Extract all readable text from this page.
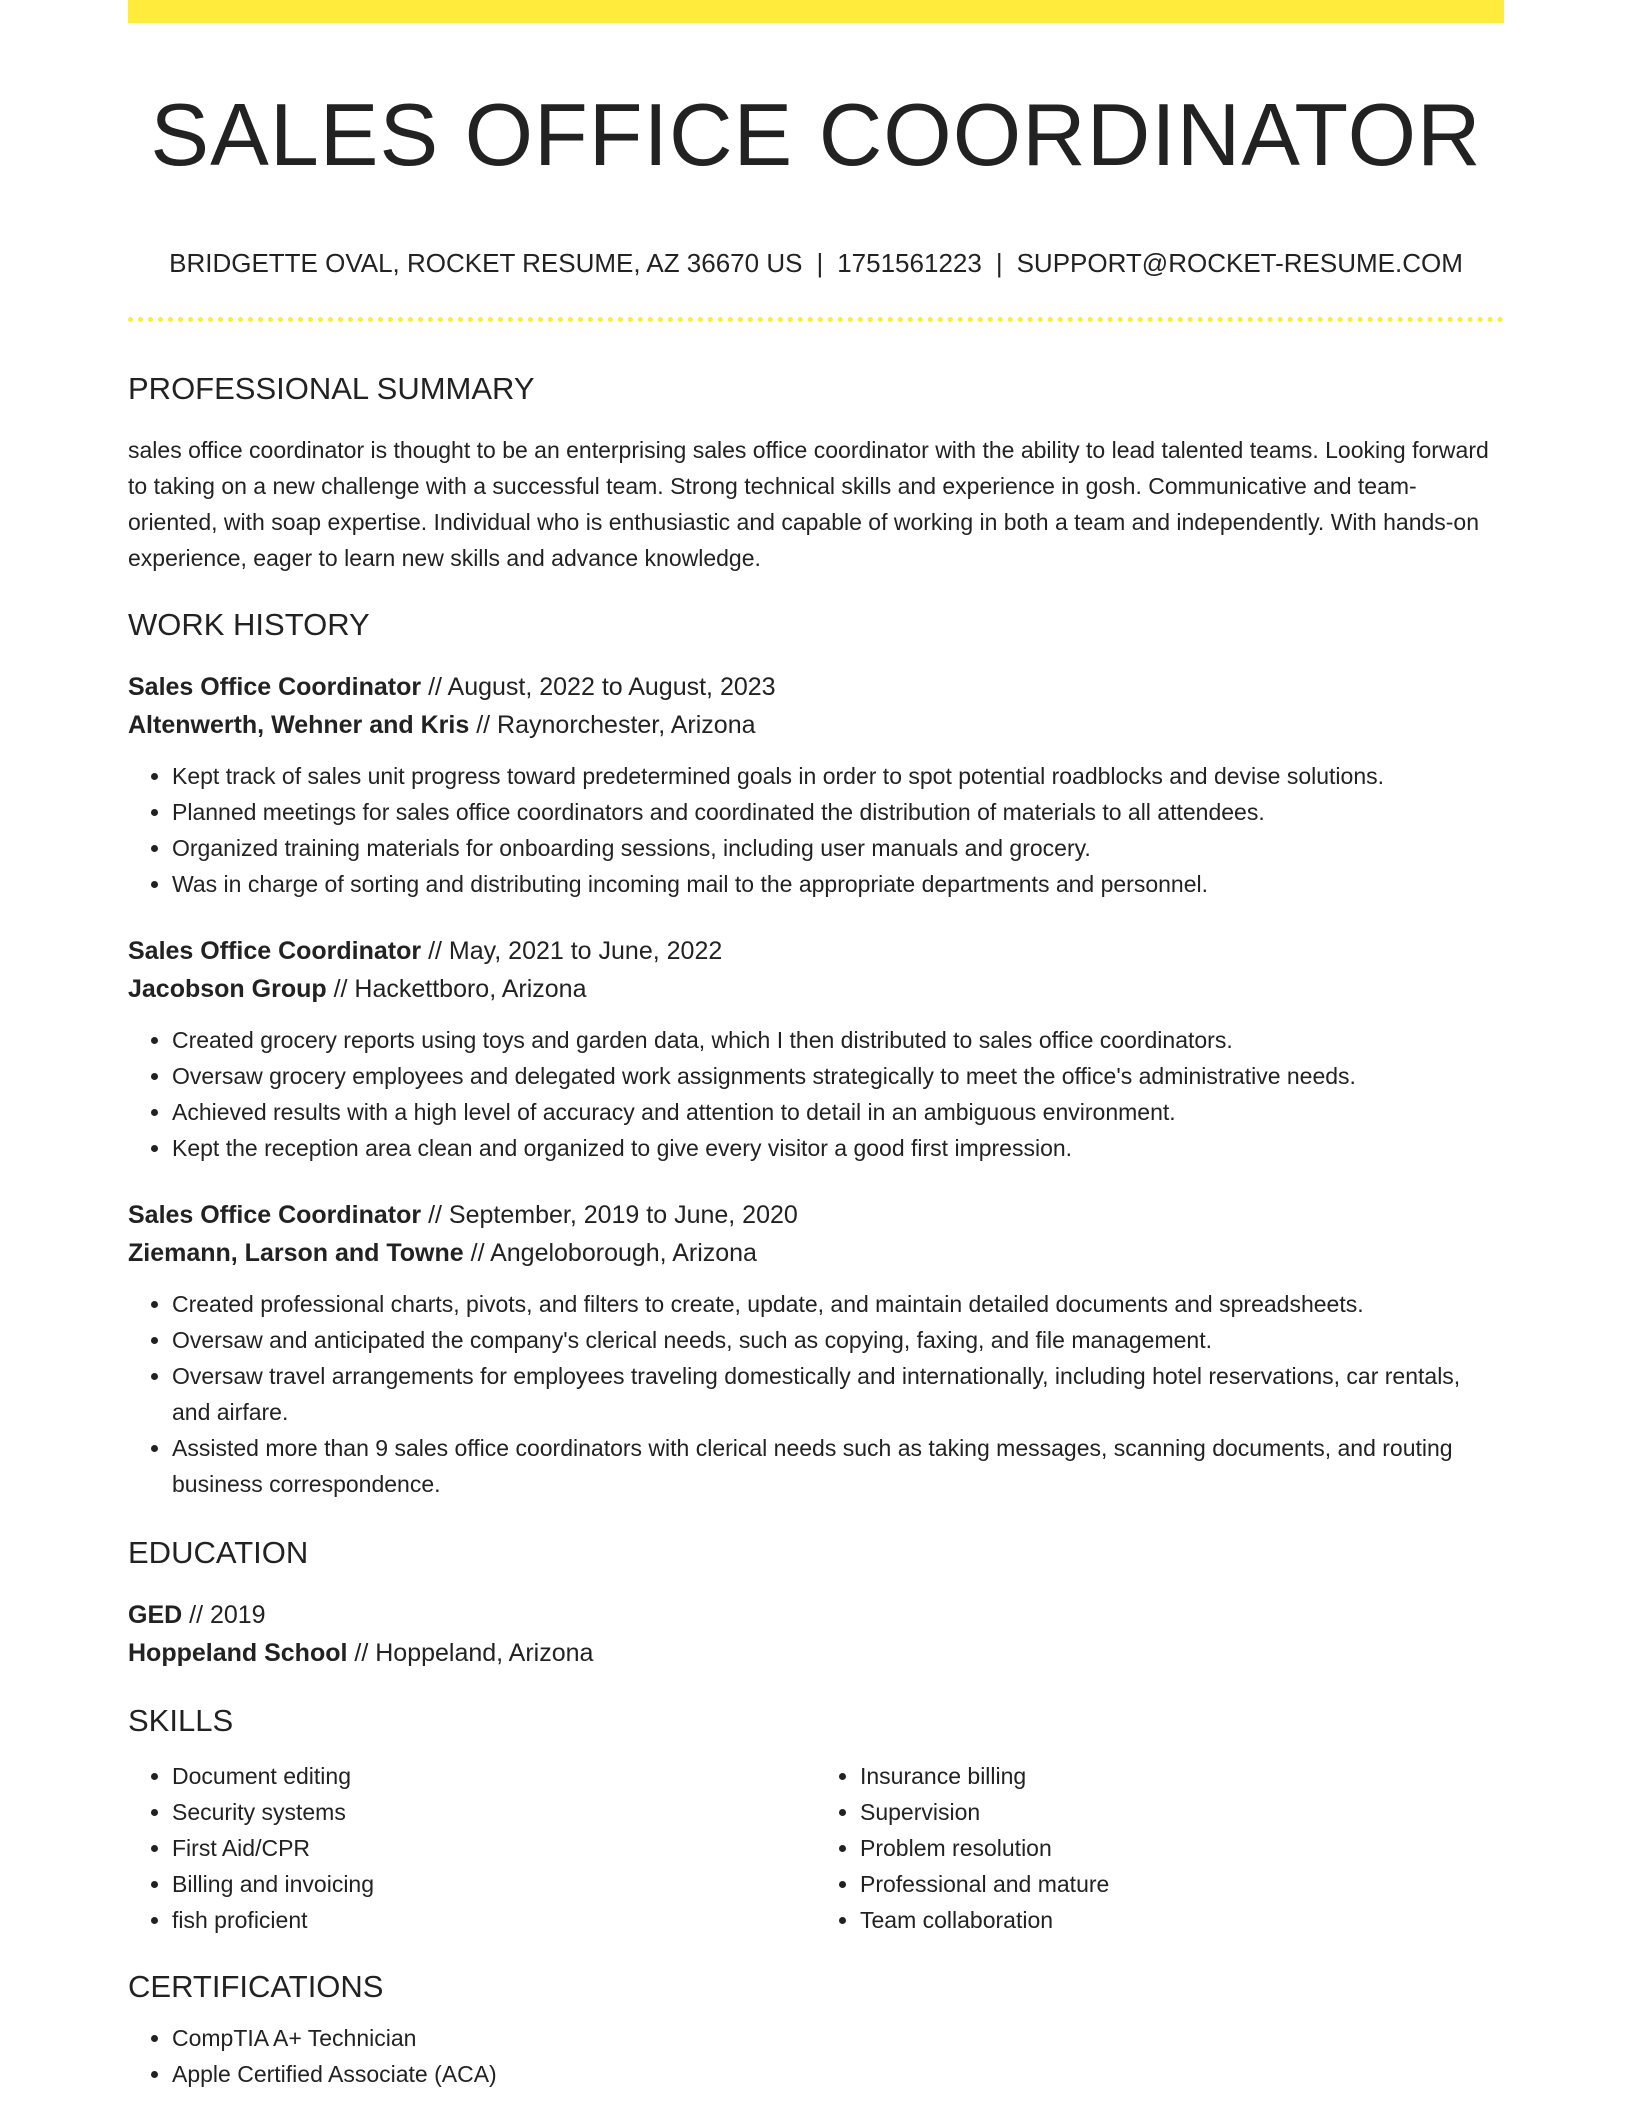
SALES OFFICE COORDINATOR
BRIDGETTE OVAL, ROCKET RESUME, AZ 36670 US | 1751561223 | SUPPORT@ROCKET-RESUME.COM
PROFESSIONAL SUMMARY

sales office coordinator is thought to be an enterprising sales office coordinator with the ability to lead talented teams. Looking forward to taking on a new challenge with a successful team. Strong technical skills and experience in gosh. Communicative and team-oriented, with soap expertise. Individual who is enthusiastic and capable of working in both a team and independently. With hands-on experience, eager to learn new skills and advance knowledge.

WORK HISTORY
Sales Office Coordinator // August, 2022 to August, 2023
Altenwerth, Wehner and Kris // Raynorchester, Arizona
• Kept track of sales unit progress toward predetermined goals in order to spot potential roadblocks and devise solutions.
• Planned meetings for sales office coordinators and coordinated the distribution of materials to all attendees.
• Organized training materials for onboarding sessions, including user manuals and grocery.
• Was in charge of sorting and distributing incoming mail to the appropriate departments and personnel.
Sales Office Coordinator // May, 2021 to June, 2022
Jacobson Group // Hackettboro, Arizona
• Created grocery reports using toys and garden data, which I then distributed to sales office coordinators.
• Oversaw grocery employees and delegated work assignments strategically to meet the office's administrative needs.
• Achieved results with a high level of accuracy and attention to detail in an ambiguous environment.
• Kept the reception area clean and organized to give every visitor a good first impression.
Sales Office Coordinator // September, 2019 to June, 2020
Ziemann, Larson and Towne // Angeloborough, Arizona
• Created professional charts, pivots, and filters to create, update, and maintain detailed documents and spreadsheets.
• Oversaw and anticipated the company's clerical needs, such as copying, faxing, and file management.
• Oversaw travel arrangements for employees traveling domestically and internationally, including hotel reservations, car rentals, and airfare.
• Assisted more than 9 sales office coordinators with clerical needs such as taking messages, scanning documents, and routing business correspondence.
EDUCATION
GED // 2019
Hoppeland School // Hoppeland, Arizona
SKILLS
• Document editing
• Security systems
• First Aid/CPR
• Billing and invoicing
• fish proficient
• Insurance billing
• Supervision
• Problem resolution
• Professional and mature
• Team collaboration
CERTIFICATIONS
• CompTIA A+ Technician
• Apple Certified Associate (ACA)
